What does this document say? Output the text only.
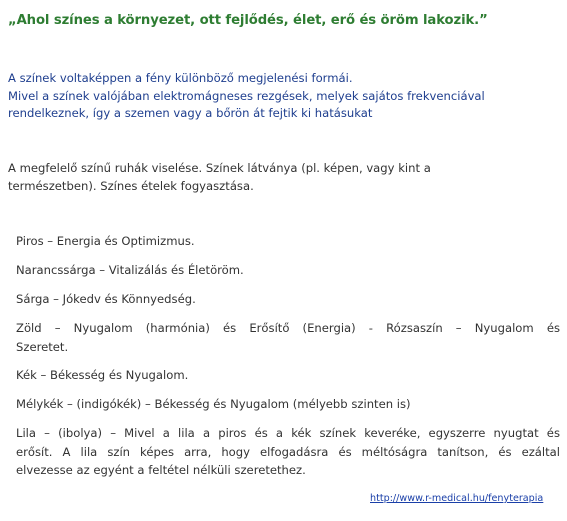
„Ahol színes a környezet, ott fejlődés, élet, erő és öröm lakozik.”

A színek voltaképpen a fény különböző megjelenési formái.

Mivel a színek valójában elektromágneses rezgések, melyek sajátos frekvenciával

rendelkeznek, így a szemen vagy a bőrön át fejtik ki hatásukat

A megfelelő színű ruhák viselése. Színek látványa (pl. képen, vagy kint a

természetben). Színes ételek fogyasztása.

Piros – Energia és Optimizmus.
Narancssárga – Vitalizálás és Életöröm.
Sárga – Jókedv és Könnyedség.
Zöld – Nyugalom (harmónia) és Erősítő (Energia) - Rózsaszín – Nyugalom és
Szeretet.
Kék – Békesség és Nyugalom.
Mélykék – (indigókék) – Békesség és Nyugalom (mélyebb szinten is)
Lila – (ibolya) – Mivel a lila a piros és a kék színek keveréke, egyszerre nyugtat és
erősít. A lila szín képes arra, hogy elfogadásra és méltóságra tanítson, és ezáltal
elvezesse az egyént a feltétel nélküli szeretethez.
http://www.r-medical.hu/fenyterapia
